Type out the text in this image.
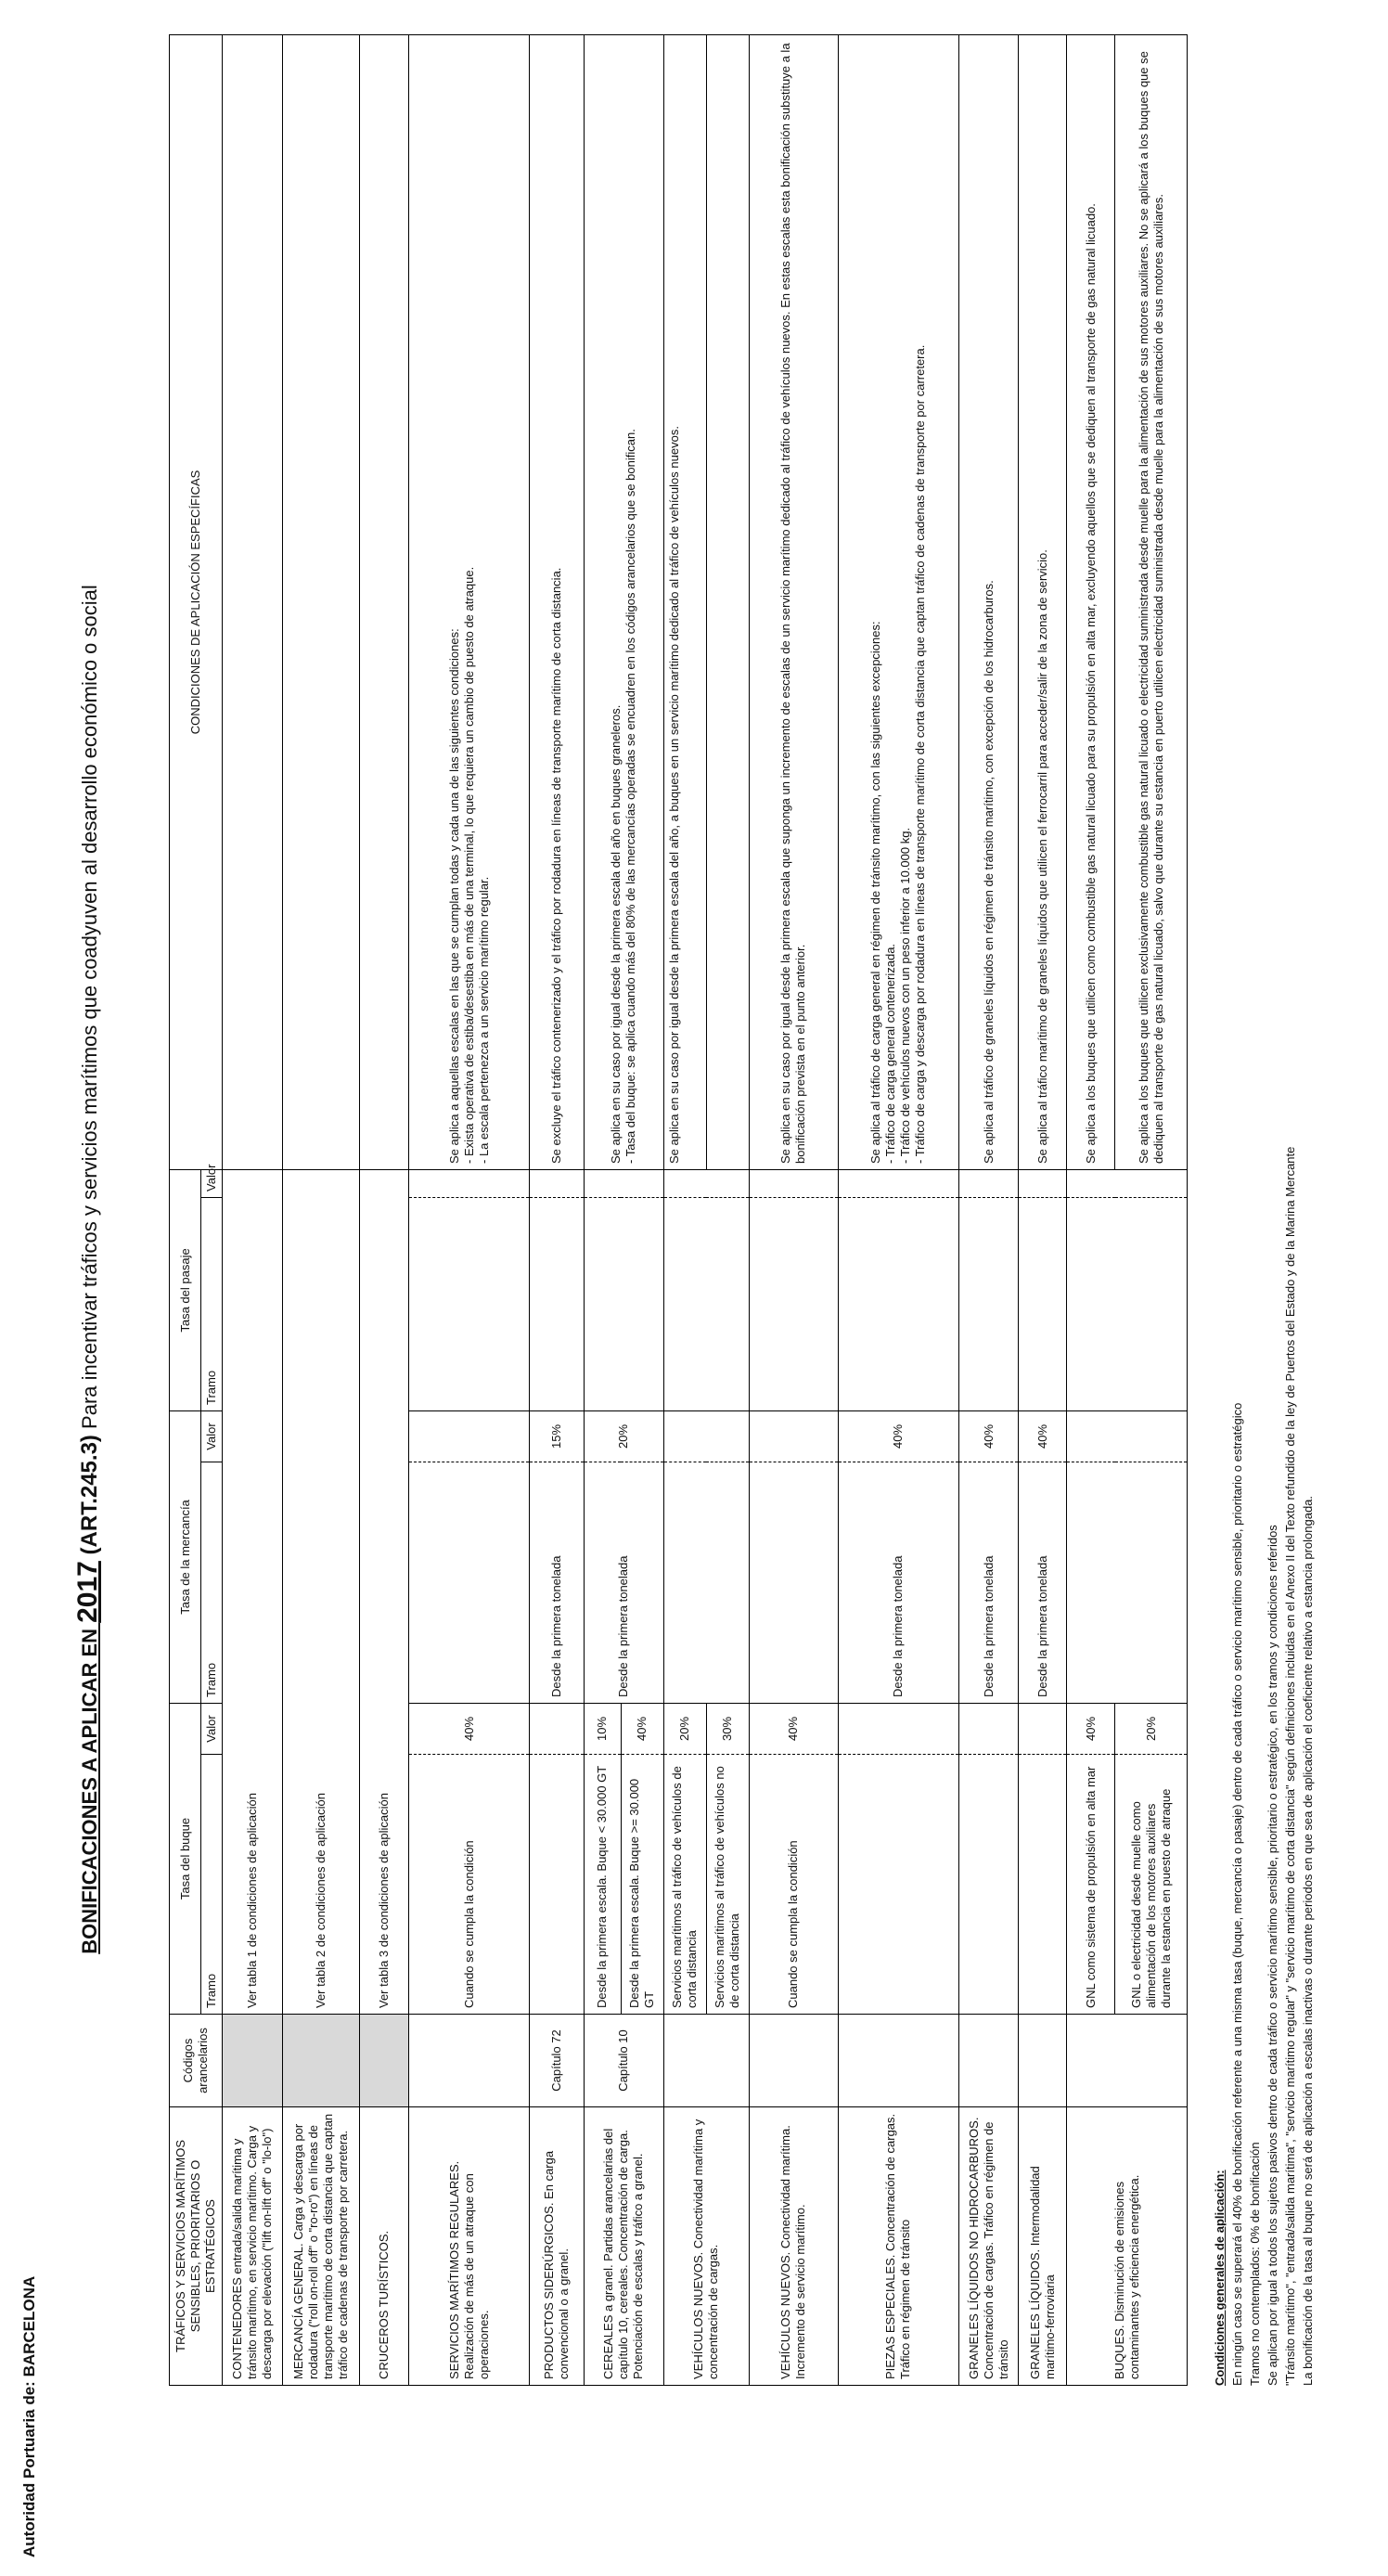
Autoridad Portuaria de: BARCELONA
BONIFICACIONES A APLICAR EN 2017 (ART.245.3) Para incentivar tráficos y servicios marítimos que coadyuven al desarrollo económico o social
TRÁFICOS Y SERVICIOS MARÍTIMOS SENSIBLES, PRIORITARIOS O ESTRATÉGICOS	Códigos arancelarios	Tasa del buque		Tasa de la mercancía		Tasa del pasaje		CONDICIONES DE APLICACIÓN ESPECÍFICAS
		Tramo	Valor	Tramo	Valor	Tramo	Valor	
CONTENEDORES entrada/salida marítima y tránsito marítimo, en servicio marítimo. Carga y descarga por elevación ("lift on-lift off" o "lo-lo")		Ver tabla 1 de condiciones de aplicación						
MERCANCÍA GENERAL. Carga y descarga por rodadura ("roll on-roll off" o "ro-ro") en líneas de transporte marítimo de corta distancia que captan tráfico de cadenas de transporte por carretera.		Ver tabla 2 de condiciones de aplicación						
CRUCEROS TURÍSTICOS.		Ver tabla 3 de condiciones de aplicación						
SERVICIOS MARÍTIMOS REGULARES. Realización de más de un atraque con operaciones.		Cuando se cumpla la condición	40%					Se aplica a aquellas escalas en las que se cumplan todas y cada una de las siguientes condiciones:
- Exista operativa de estiba/desestiba en más de una terminal, lo que requiera un cambio de puesto de atraque.
- La escala pertenezca a un servicio marítimo regular.
PRODUCTOS SIDERÚRGICOS. En carga convencional o a granel.	Capítulo 72			Desde la primera tonelada	15%			Se excluye el tráfico contenerizado y el tráfico por rodadura en líneas de transporte marítimo de corta distancia.
CEREALES a granel. Partidas arancelarias del capítulo 10, cereales. Concentración de carga. Potenciación de escalas y tráfico a granel.	Capítulo 10	Desde la primera escala. Buque < 30.000 GT	10%	Desde la primera tonelada	20%			Se aplica en su caso por igual desde la primera escala del año en buques graneleros.
- Tasa del buque: se aplica cuando más del 80% de las mercancías operadas se encuadren en los códigos arancelarios que se bonifican.
		Desde la primera escala. Buque >= 30.000 GT	40%					
VEHÍCULOS NUEVOS. Conectividad marítima y concentración de cargas.		Servicios marítimos al tráfico de vehículos de corta distancia	20%					Se aplica en su caso por igual desde la primera escala del año, a buques en un servicio marítimo dedicado al tráfico de vehículos nuevos.
		Servicios marítimos al tráfico de vehículos no de corta distancia	30%					
VEHÍCULOS NUEVOS. Conectividad marítima. Incremento de servicio marítimo.		Cuando se cumpla la condición	40%					Se aplica en su caso por igual desde la primera escala que suponga un incremento de escalas de un servicio marítimo dedicado al tráfico de vehículos nuevos. En estas escalas esta bonificación substituye a la bonificación prevista en el punto anterior.
PIEZAS ESPECIALES. Concentración de cargas. Tráfico en régimen de tránsito				Desde la primera tonelada	40%			Se aplica al tráfico de carga general en régimen de tránsito marítimo, con las siguientes excepciones:
- Tráfico de carga general contenerizada.
- Tráfico de vehículos nuevos con un peso inferior a 10.000 kg.
- Tráfico de carga y descarga por rodadura en líneas de transporte marítimo de corta distancia que captan tráfico de cadenas de transporte por carretera.
GRANELES LÍQUIDOS NO HIDROCARBUROS. Concentración de cargas. Tráfico en régimen de tránsito				Desde la primera tonelada	40%			Se aplica al tráfico de graneles líquidos en régimen de tránsito marítimo, con excepción de los hidrocarburos.
GRANELES LÍQUIDOS. Intermodalidad marítimo-ferroviaria				Desde la primera tonelada	40%			Se aplica al tráfico marítimo de graneles líquidos que utilicen el ferrocarril para acceder/salir de la zona de servicio.
BUQUES. Disminución de emisiones contaminantes y eficiencia energética.		GNL como sistema de propulsión en alta mar	40%					Se aplica a los buques que utilicen como combustible gas natural licuado para su propulsión en alta mar, excluyendo aquellos que se dediquen al transporte de gas natural licuado.
		GNL o electricidad desde muelle como alimentación de los motores auxiliares durante la estancia en puesto de atraque	20%					Se aplica a los buques que utilicen exclusivamente combustible gas natural licuado o electricidad suministrada desde muelle para la alimentación de sus motores auxiliares. No se aplicará a los buques que se dediquen al transporte de gas natural licuado, salvo que durante su estancia en puerto utilicen electricidad suministrada desde muelle para la alimentación de sus motores auxiliares.
Condiciones generales de aplicación: En ningún caso se superará el 40% de bonificación referente a una misma tasa (buque, mercancía o pasaje) dentro de cada tráfico o servicio marítimo sensible, prioritario o estratégico Tramos no contemplados: 0% de bonificación Se aplican por igual a todos los sujetos pasivos dentro de cada tráfico o servicio marítimo sensible, prioritario o estratégico, en los tramos y condiciones referidos "Tránsito marítimo", "entrada/salida marítima", "servicio marítimo regular" y "servicio marítimo de corta distancia" según definiciones incluidas en el Anexo II del Texto refundido de la ley de Puertos del Estado y de la Marina Mercante La bonificación de la tasa al buque no será de aplicación a escalas inactivas o durante periodos en que sea de aplicación el coeficiente relativo a estancia prolongada.
